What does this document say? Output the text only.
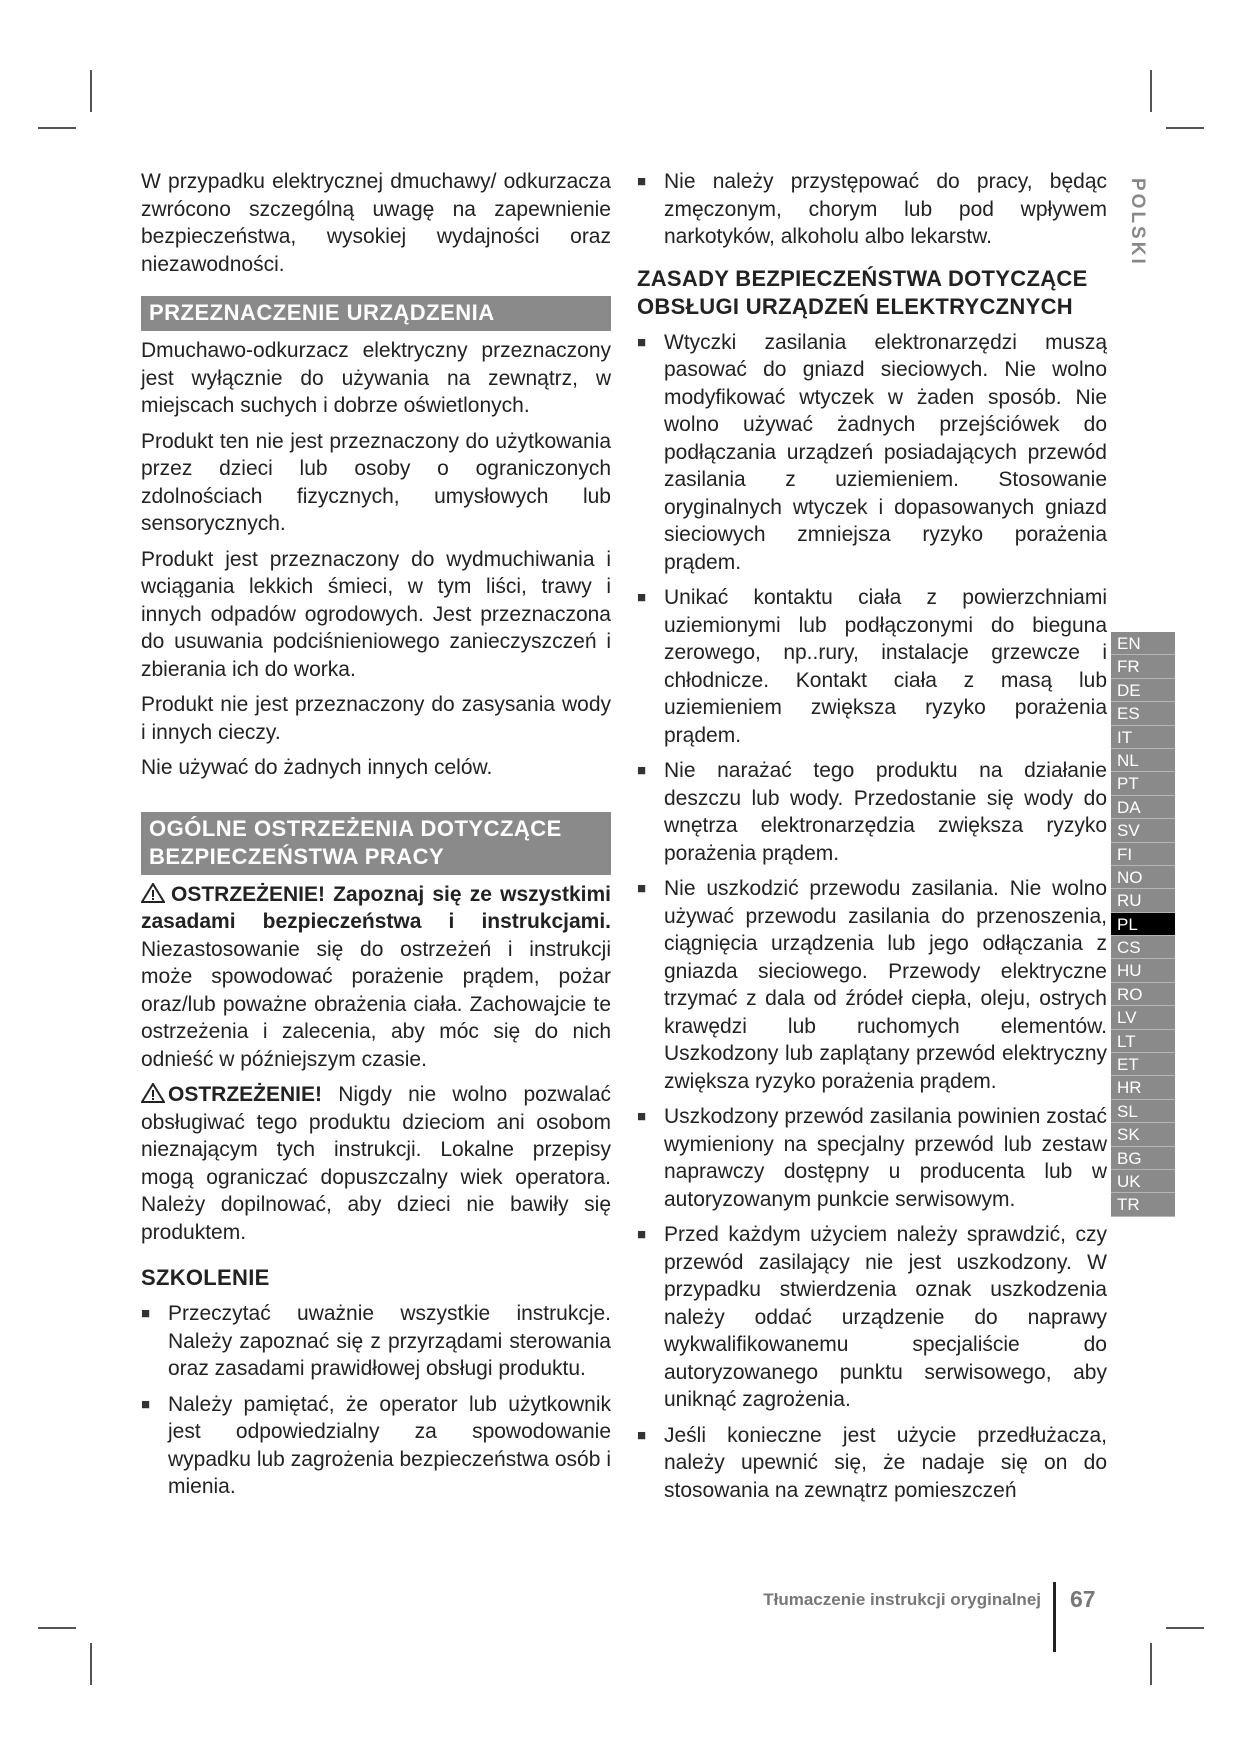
POLSKI

W przypadku elektrycznej dmuchawy/ odkurzacza zwrócono szczególną uwagę na zapewnienie bezpieczeństwa, wysokiej wydajności oraz niezawodności.

PRZEZNACZENIE URZĄDZENIA

Dmuchawo-odkurzacz elektryczny przeznaczony jest wyłącznie do używania na zewnątrz, w miejscach suchych i dobrze oświetlonych.

Produkt ten nie jest przeznaczony do użytkowania przez dzieci lub osoby o ograniczonych zdolnościach fizycznych, umysłowych lub sensorycznych.

Produkt jest przeznaczony do wydmuchiwania i wciągania lekkich śmieci, w tym liści, trawy i innych odpadów ogrodowych. Jest przeznaczona do usuwania podciśnieniowego zanieczyszczeń i zbierania ich do worka.

Produkt nie jest przeznaczony do zasysania wody i innych cieczy.

Nie używać do żadnych innych celów.

OGÓLNE OSTRZEŻENIA DOTYCZĄCE
BEZPIECZEŃSTWA PRACY

OSTRZEŻENIE! Zapoznaj się ze wszystkimi zasadami bezpieczeństwa i instrukcjami. Niezastosowanie się do ostrzeżeń i instrukcji może spowodować porażenie prądem, pożar oraz/lub poważne obrażenia ciała. Zachowajcie te ostrzeżenia i zalecenia, aby móc się do nich odnieść w późniejszym czasie.

OSTRZEŻENIE! Nigdy nie wolno pozwalać obsługiwać tego produktu dzieciom ani osobom nieznającym tych instrukcji. Lokalne przepisy mogą ograniczać dopuszczalny wiek operatora. Należy dopilnować, aby dzieci nie bawiły się produktem.

SZKOLENIE
■ Przeczytać uważnie wszystkie instrukcje. Należy zapoznać się z przyrządami sterowania oraz zasadami prawidłowej obsługi produktu.

■ Należy pamiętać, że operator lub użytkownik jest odpowiedzialny za spowodowanie wypadku lub zagrożenia bezpieczeństwa osób i mienia.

■ Nie należy przystępować do pracy, będąc zmęczonym, chorym lub pod wpływem narkotyków, alkoholu albo lekarstw.

ZASADY BEZPIECZEŃSTWA DOTYCZĄCE
OBSŁUGI URZĄDZEŃ ELEKTRYCZNYCH
■ Wtyczki zasilania elektronarzędzi muszą pasować do gniazd sieciowych. Nie wolno modyfikować wtyczek w żaden sposób. Nie wolno używać żadnych przejściówek do podłączania urządzeń posiadających przewód zasilania z uziemieniem. Stosowanie oryginalnych wtyczek i dopasowanych gniazd sieciowych zmniejsza ryzyko porażenia prądem.

■ Unikać kontaktu ciała z powierzchniami uziemionymi lub podłączonymi do bieguna zerowego, np..rury, instalacje grzewcze i chłodnicze. Kontakt ciała z masą lub uziemieniem zwiększa ryzyko porażenia prądem.

■ Nie narażać tego produktu na działanie deszczu lub wody. Przedostanie się wody do wnętrza elektronarzędzia zwiększa ryzyko porażenia prądem.

■ Nie uszkodzić przewodu zasilania. Nie wolno używać przewodu zasilania do przenoszenia, ciągnięcia urządzenia lub jego odłączania z gniazda sieciowego. Przewody elektryczne trzymać z dala od źródeł ciepła, oleju, ostrych krawędzi lub ruchomych elementów. Uszkodzony lub zaplątany przewód elektryczny zwiększa ryzyko porażenia prądem.

■ Uszkodzony przewód zasilania powinien zostać wymieniony na specjalny przewód lub zestaw naprawczy dostępny u producenta lub w autoryzowanym punkcie serwisowym.

■ Przed każdym użyciem należy sprawdzić, czy przewód zasilający nie jest uszkodzony. W przypadku stwierdzenia oznak uszkodzenia należy oddać urządzenie do naprawy wykwalifikowanemu specjaliście do autoryzowanego punktu serwisowego, aby uniknąć zagrożenia.

■ Jeśli konieczne jest użycie przedłużacza, należy upewnić się, że nadaje się on do stosowania na zewnątrz pomieszczeń

EN
FR
DE
ES
IT
NL
PT
DA
SV
FI
NO
RU
PL
CS
HU
RO
LV
LT
ET
HR
SL
SK
BG
UK
TR
Tłumaczenie instrukcji oryginalnej 67
